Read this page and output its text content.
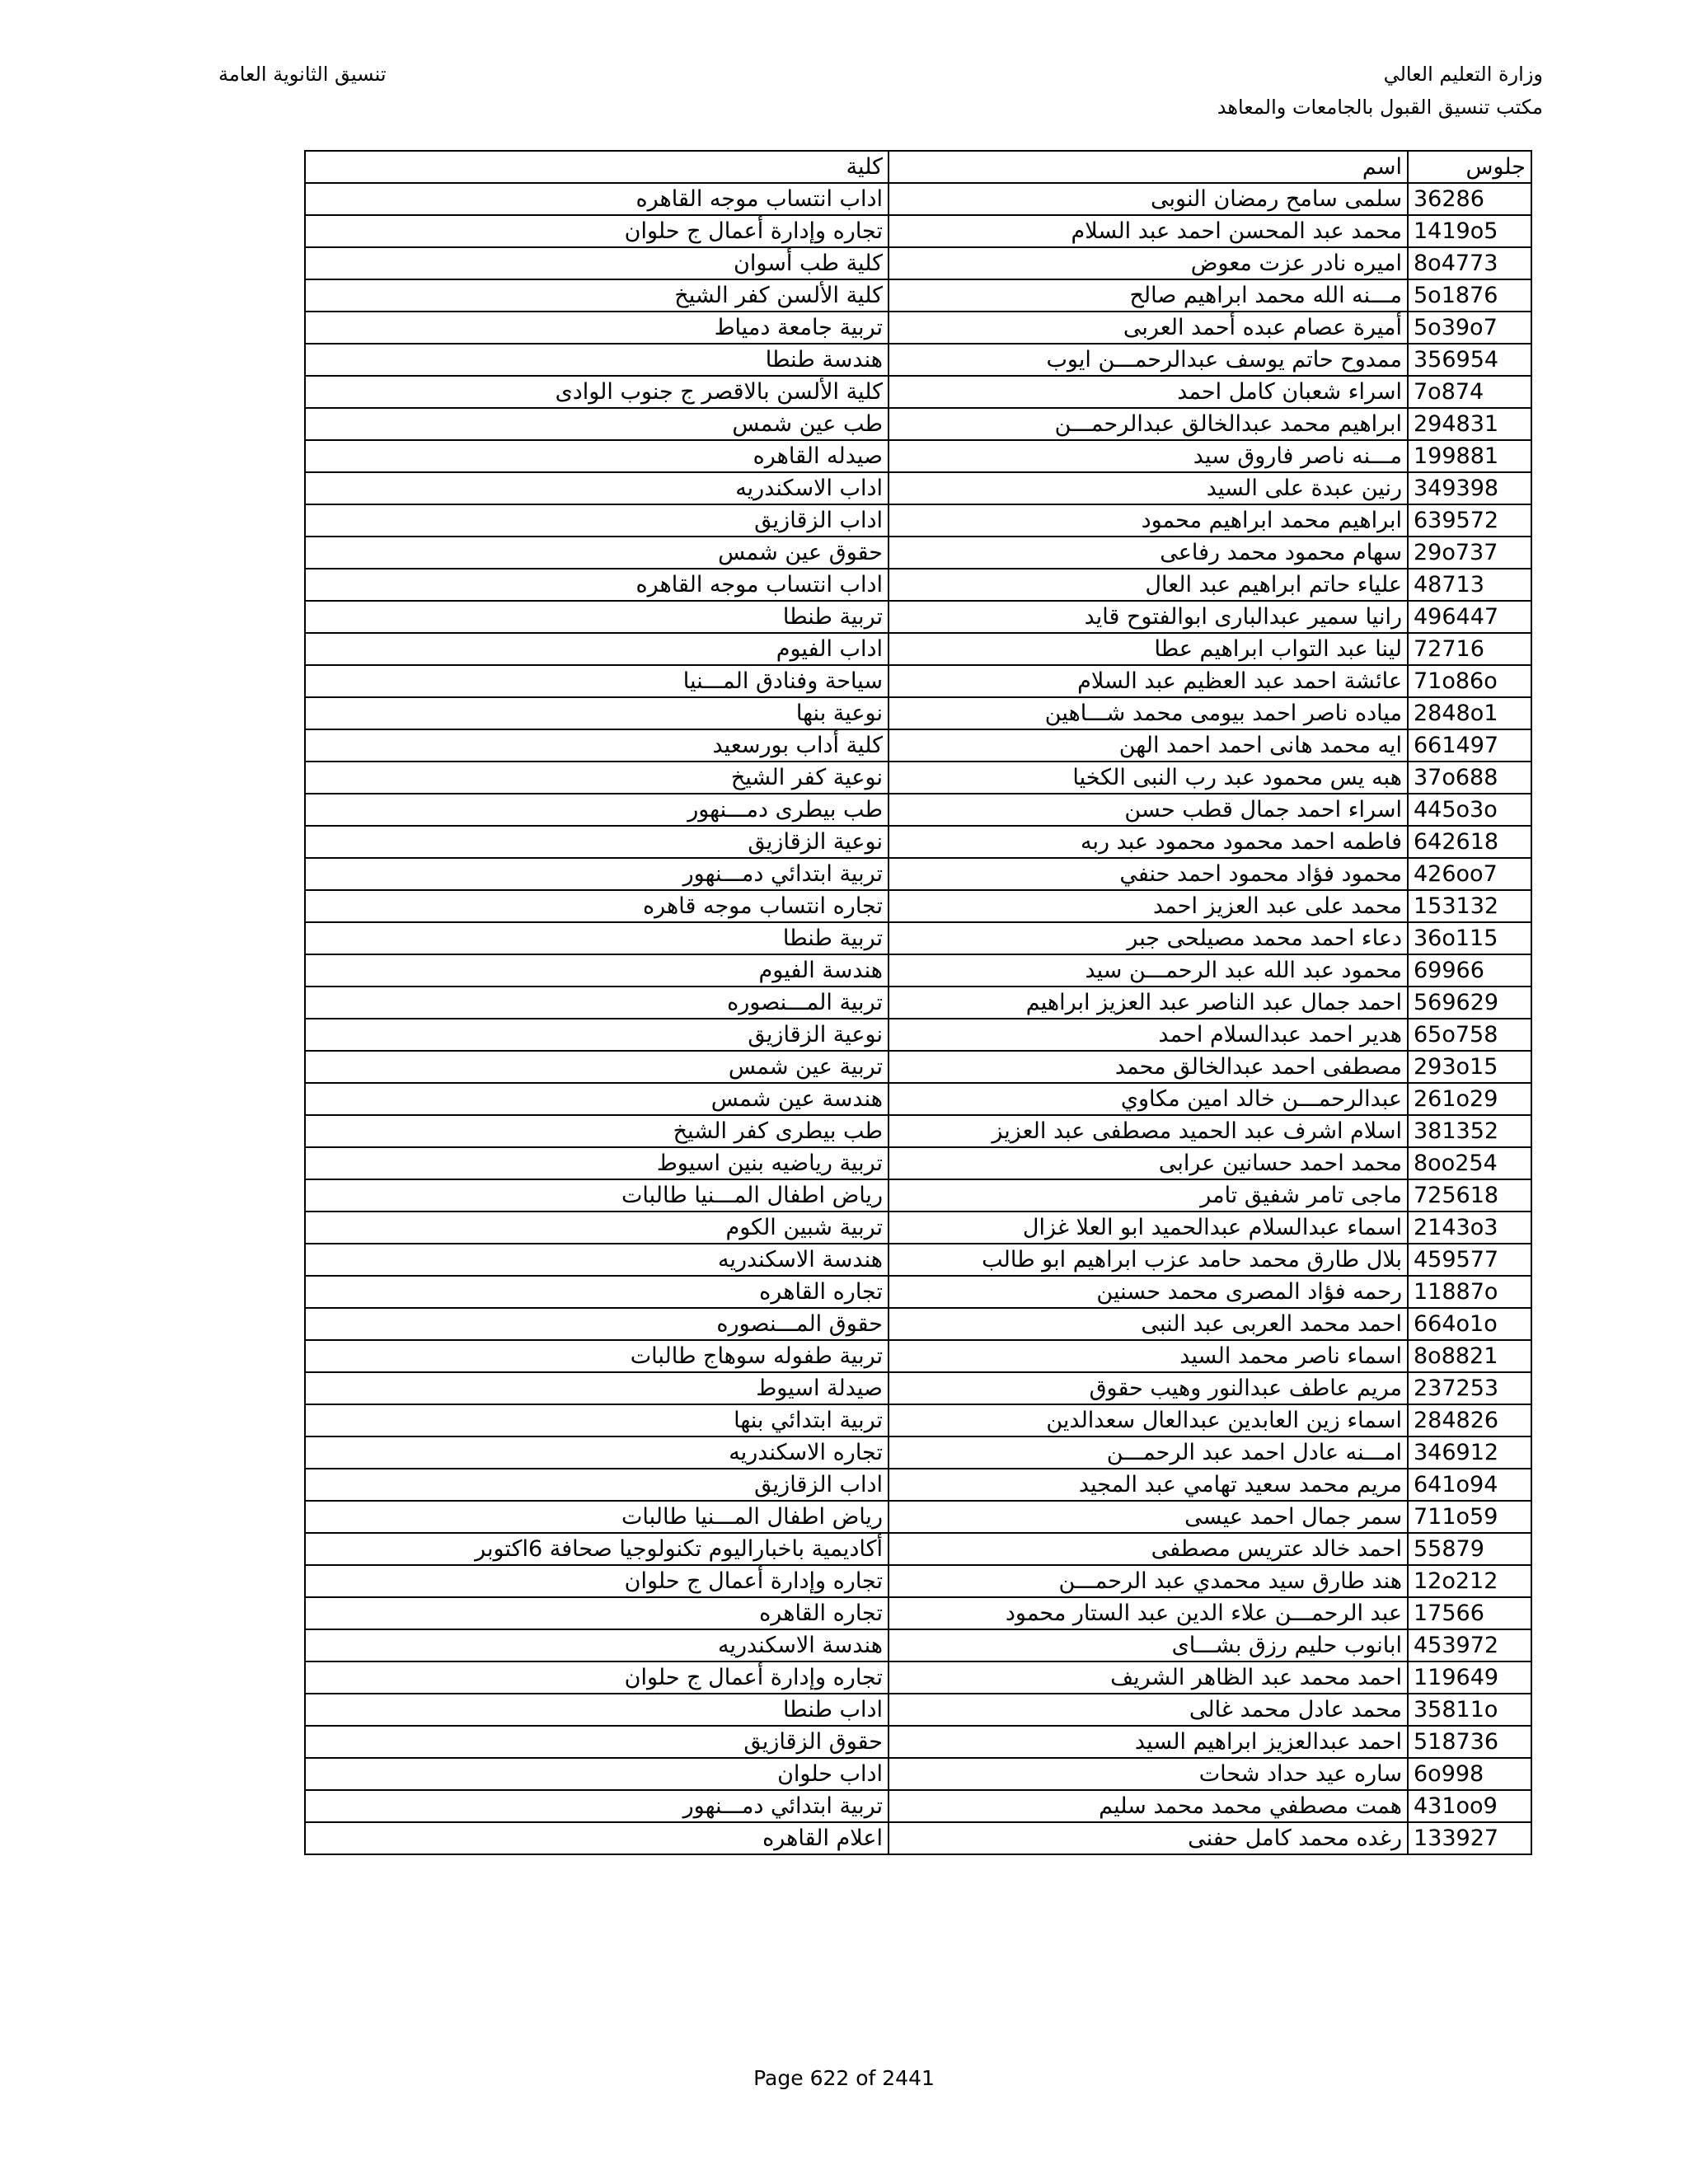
وزارة التعليم العالي
مكتب تنسيق القبول بالجامعات والمعاهد
تنسيق الثانوية العامة
جلوس	اسم	كلية
36286	سلمى سامح رمضان النوبى	اداب انتساب موجه القاهره
1419o5	محمد عبد المحسن احمد عبد السلام	تجاره وإدارة أعمال ج حلوان
8o4773	اميره نادر عزت معوض	كلية طب أسوان
5o1876	مـــنه الله محمد ابراهيم صالح	كلية الألسن كفر الشيخ
5o39o7	أميرة عصام عبده أحمد العربى	تربية جامعة دمياط
356954	ممدوح حاتم يوسف عبدالرحمـــن ايوب	هندسة طنطا
7o874	اسراء شعبان كامل احمد	كلية الألسن بالاقصر ج جنوب الوادى
294831	ابراهيم محمد عبدالخالق عبدالرحمـــن	طب عين شمس
199881	مـــنه ناصر فاروق سيد	صيدله القاهره
349398	رنين عبدة على السيد	اداب الاسكندريه
639572	ابراهيم محمد ابراهيم محمود	اداب الزقازيق
29o737	سهام محمود محمد رفاعى	حقوق عين شمس
48713	علياء حاتم ابراهيم عبد العال	اداب انتساب موجه القاهره
496447	رانيا سمير عبدالبارى ابوالفتوح قايد	تربية طنطا
72716	لينا عبد التواب ابراهيم عطا	اداب الفيوم
71o86o	عائشة احمد عبد العظيم عبد السلام	سياحة وفنادق المـــنيا
2848o1	مياده ناصر احمد بيومى محمد شـــاهين	نوعية بنها
661497	ايه محمد هانى احمد احمد الهن	كلية أداب بورسعيد
37o688	هبه يس محمود عبد رب النبى الكخيا	نوعية كفر الشيخ
445o3o	اسراء احمد جمال قطب حسن	طب بيطرى دمـــنهور
642618	فاطمه احمد محمود محمود عبد ربه	نوعية الزقازيق
426oo7	محمود فؤاد محمود احمد حنفي	تربية ابتدائي دمـــنهور
153132	محمد على عبد العزيز احمد	تجاره انتساب موجه قاهره
36o115	دعاء احمد محمد مصيلحى جبر	تربية طنطا
69966	محمود عبد الله عبد الرحمـــن سيد	هندسة الفيوم
569629	احمد جمال عبد الناصر عبد العزيز ابراهيم	تربية المـــنصوره
65o758	هدير احمد عبدالسلام احمد	نوعية الزقازيق
293o15	مصطفى احمد عبدالخالق محمد	تربية عين شمس
261o29	عبدالرحمـــن خالد امين مكاوي	هندسة عين شمس
381352	اسلام اشرف عبد الحميد مصطفى عبد العزيز	طب بيطرى كفر الشيخ
8oo254	محمد احمد حسانين عرابى	تربية رياضيه بنين اسيوط
725618	ماجى تامر شفيق تامر	رياض اطفال المـــنيا طالبات
2143o3	اسماء عبدالسلام عبدالحميد ابو العلا غزال	تربية شبين الكوم
459577	بلال طارق محمد حامد عزب ابراهيم ابو طالب	هندسة الاسكندريه
11887o	رحمه فؤاد المصرى محمد حسنين	تجاره القاهره
664o1o	احمد محمد العربى عبد النبى	حقوق المـــنصوره
8o8821	اسماء ناصر محمد السيد	تربية طفوله سوهاج طالبات
237253	مريم عاطف عبدالنور وهيب حقوق	صيدلة اسيوط
284826	اسماء زين العابدين عبدالعال سعدالدين	تربية ابتدائي بنها
346912	امـــنه عادل احمد عبد الرحمـــن	تجاره الاسكندريه
641o94	مريم محمد سعيد تهامي عبد المجيد	اداب الزقازيق
711o59	سمر جمال احمد عيسى	رياض اطفال المـــنيا طالبات
55879	احمد خالد عتريس مصطفى	أكاديمية باخباراليوم تكنولوجيا صحافة 6اكتوبر
12o212	هند طارق سيد محمدي عبد الرحمـــن	تجاره وإدارة أعمال ج حلوان
17566	عبد الرحمـــن علاء الدين عبد الستار محمود	تجاره القاهره
453972	ابانوب حليم رزق بشـــاى	هندسة الاسكندريه
119649	احمد محمد عبد الظاهر الشريف	تجاره وإدارة أعمال ج حلوان
35811o	محمد عادل محمد غالى	اداب طنطا
518736	احمد عبدالعزيز ابراهيم السيد	حقوق الزقازيق
6o998	ساره عيد حداد شحات	اداب حلوان
431oo9	همت مصطفي محمد محمد سليم	تربية ابتدائي دمـــنهور
133927	رغده محمد كامل حفنى	اعلام القاهره
Page 622 of 2441
